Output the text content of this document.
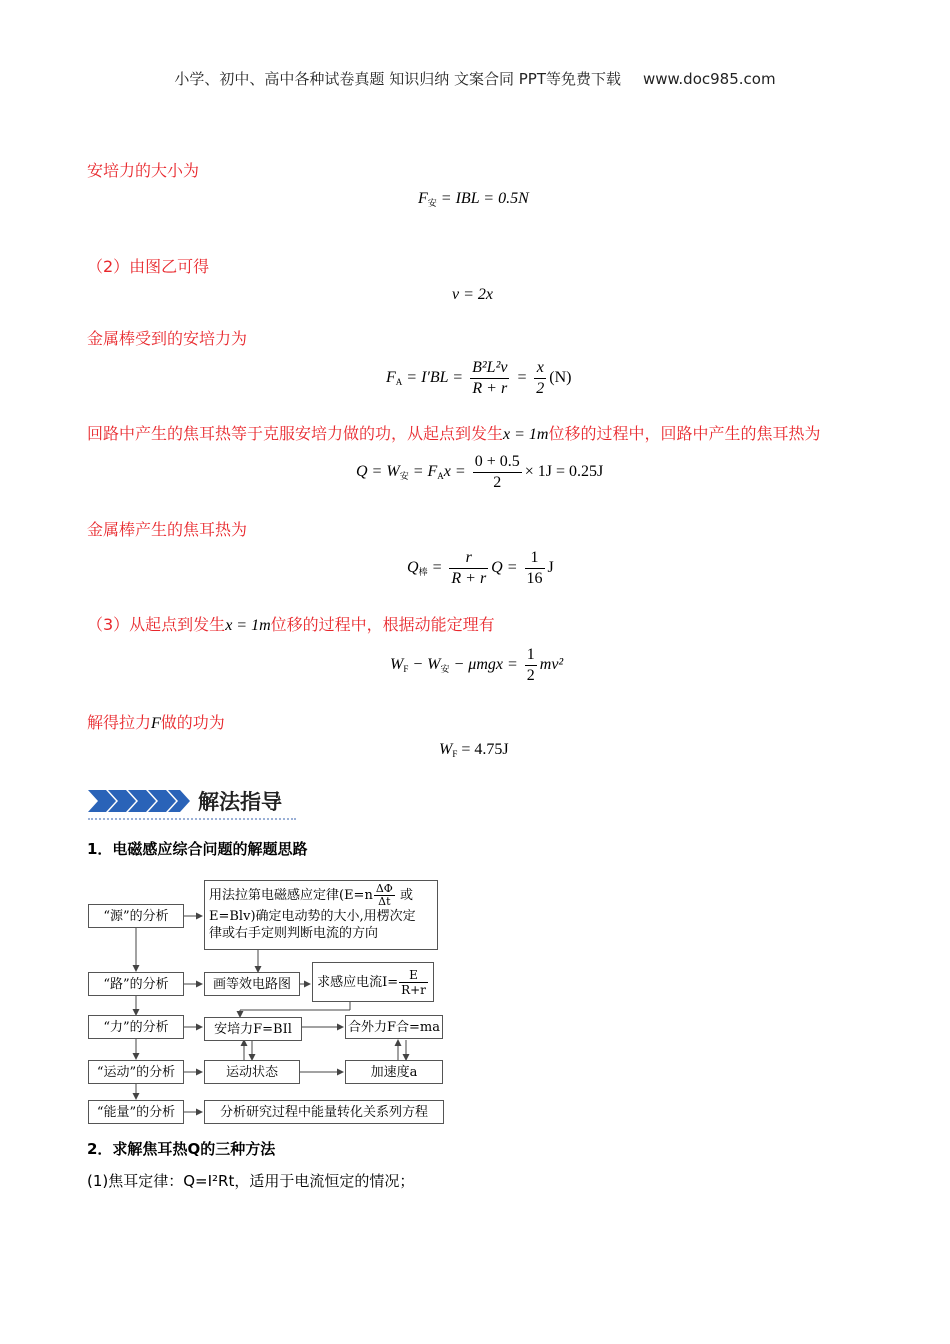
小学、初中、高中各种试卷真题 知识归纳 文案合同 PPT等免费下载 www.doc985.com
安培力的大小为
$F_安$ = IBL = 0.5N
（2）由图乙可得
v = 2x
金属棒受到的安培力为
$F_A = I'BL = \frac{\text{B²L²v}}{R + r} = \frac{x}{2} (N)$
回路中产生的焦耳热等于克服安培力做的功，从起点到发生x = 1m位移的过程中，回路中产生的焦耳热为
$Q = W_安 = F_Ax = \frac{0 + 0.5}{2} \times 1J = 0.25J$
金属棒产生的焦耳热为
$Q_棒 = \frac{r}{R + r}$ $Q = \frac{1}{16}$ J
（3）从起点到发生x = 1m位移的过程中，根据动能定理有
$W_F - W_安 - \mu mgx = \frac{1}{2} mv^2$
解得拉力F做的功为
$W_F = 4.75J$
解法指导
1．电磁感应综合问题的解题思路
“源”的分析
用法拉第电磁感应定律($E=n \frac{\Delta\Phi}{\Delta t}$ 或
E=Blv)确定电动势的大小,用楞次定
律或右手定则判断电流的方向
“路”的分析	画等效电路图	求感应电流$I= \frac{E}{R+r}$
“力”的分析	安培力F=BIl	合外力F合=ma
“运动”的分析	运动状态	加速度a
“能量”的分析	分析研究过程中能量转化关系列方程
2．求解焦耳热Q的三种方法
(1)焦耳定律：Q=I²Rt，适用于电流恒定的情况；
